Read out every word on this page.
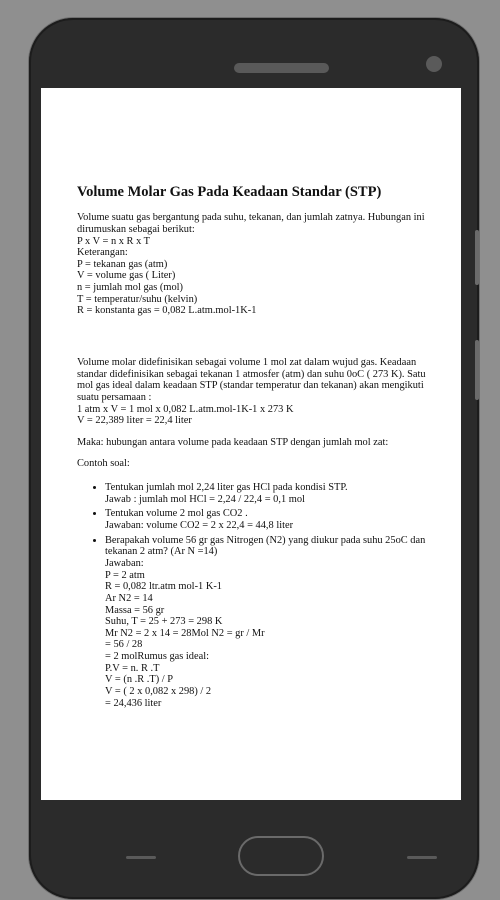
Volume Molar Gas Pada Keadaan Standar (STP)
Volume suatu gas bergantung pada suhu, tekanan, dan jumlah zatnya. Hubungan ini dirumuskan sebagai berikut:
P x V = n x R x T
Keterangan:
P = tekanan gas (atm)
V = volume gas ( Liter)
n = jumlah mol gas (mol)
T = temperatur/suhu (kelvin)
R = konstanta gas = 0,082 L.atm.mol-1K-1
Volume molar didefinisikan sebagai volume 1 mol zat dalam wujud gas. Keadaan standar didefinisikan sebagai tekanan 1 atmosfer (atm) dan suhu 0oC ( 273 K). Satu mol gas ideal dalam keadaan STP (standar temperatur dan tekanan) akan mengikuti suatu persamaan :
1 atm x V = 1 mol x 0,082 L.atm.mol-1K-1 x 273 K
V = 22,389 liter = 22,4 liter
Maka: hubungan antara volume pada keadaan STP dengan jumlah mol zat:
Contoh soal:
• Tentukan jumlah mol 2,24 liter gas HCl pada kondisi STP.
Jawab : jumlah mol HCl = 2,24 / 22,4 = 0,1 mol
• Tentukan volume 2 mol gas CO2 .
Jawaban: volume CO2 = 2 x 22,4 = 44,8 liter
• Berapakah volume 56 gr gas Nitrogen (N2) yang diukur pada suhu 25oC dan tekanan 2 atm? (Ar N =14)
Jawaban:
P = 2 atm
R = 0,082 ltr.atm mol-1 K-1
Ar N2 = 14
Massa = 56 gr
Suhu, T = 25 + 273 = 298 K
Mr N2 = 2 x 14 = 28Mol N2 = gr / Mr
= 56 / 28
= 2 molRumus gas ideal:
P.V = n. R .T
V = (n .R .T) / P
V = ( 2 x 0,082 x 298) / 2
= 24,436 liter
